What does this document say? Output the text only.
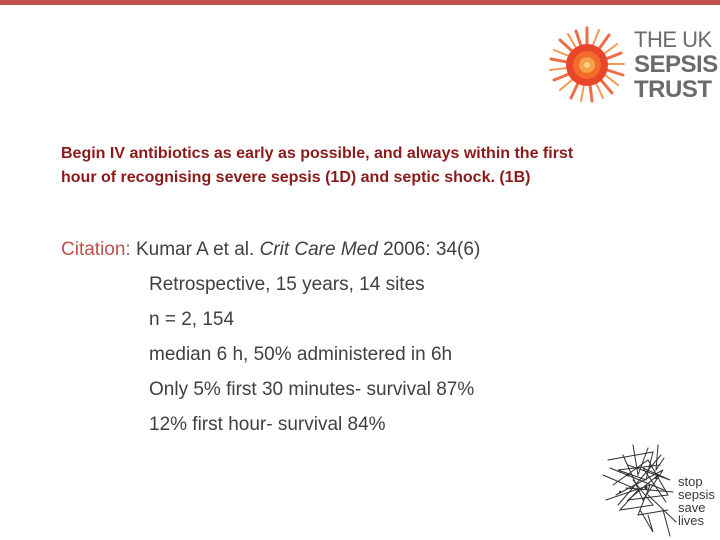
THE UK
SEPSIS
TRUST
Begin IV antibiotics as early as possible, and always within the first
hour of recognising severe sepsis (1D) and septic shock. (1B)
Citation: Kumar A et al. Crit Care Med 2006: 34(6)
Retrospective, 15 years, 14 sites
n = 2, 154
median 6 h, 50% administered in 6h
Only 5% first 30 minutes- survival 87%
12% first hour- survival 84%
stop
sepsis
save
lives
